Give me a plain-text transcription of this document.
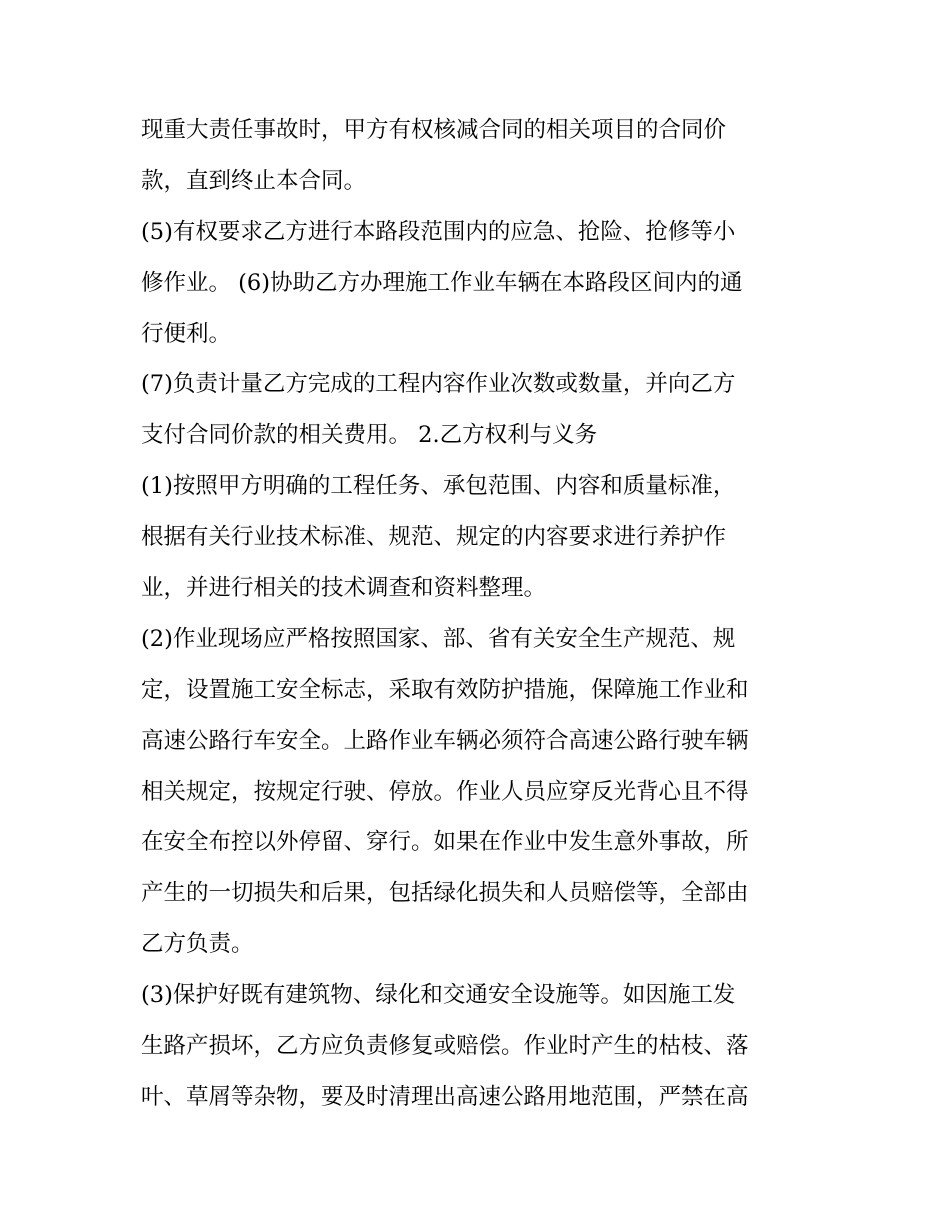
现重大责任事故时，甲方有权核减合同的相关项目的合同价
款，直到终止本合同。
(5)有权要求乙方进行本路段范围内的应急、抢险、抢修等小
修作业。 (6)协助乙方办理施工作业车辆在本路段区间内的通
行便利。
(7)负责计量乙方完成的工程内容作业次数或数量，并向乙方
支付合同价款的相关费用。 2.乙方权利与义务
(1)按照甲方明确的工程任务、承包范围、内容和质量标准，
根据有关行业技术标准、规范、规定的内容要求进行养护作
业，并进行相关的技术调查和资料整理。
(2)作业现场应严格按照国家、部、省有关安全生产规范、规
定，设置施工安全标志，采取有效防护措施，保障施工作业和
高速公路行车安全。上路作业车辆必须符合高速公路行驶车辆
相关规定，按规定行驶、停放。作业人员应穿反光背心且不得
在安全布控以外停留、穿行。如果在作业中发生意外事故，所
产生的一切损失和后果，包括绿化损失和人员赔偿等，全部由
乙方负责。
(3)保护好既有建筑物、绿化和交通安全设施等。如因施工发
生路产损坏，乙方应负责修复或赔偿。作业时产生的枯枝、落
叶、草屑等杂物，要及时清理出高速公路用地范围，严禁在高
